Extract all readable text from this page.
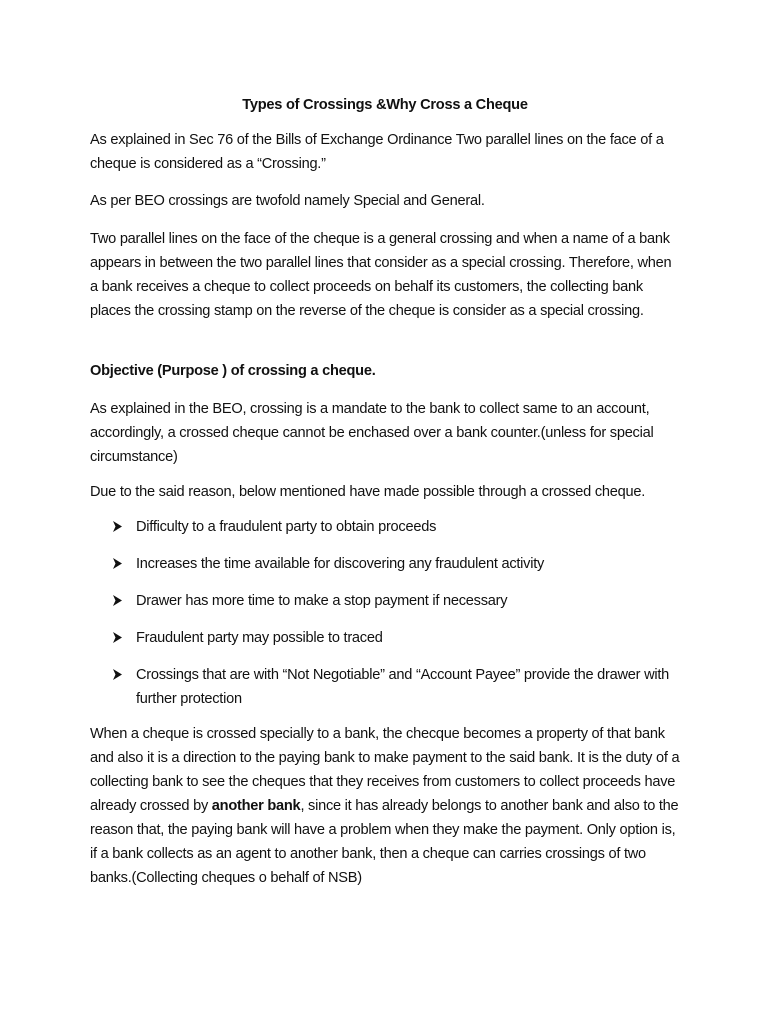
Types of Crossings &Why Cross a Cheque

As explained in Sec 76 of the Bills of Exchange Ordinance Two parallel lines on the face of a cheque is considered as a “Crossing.”

As per BEO crossings are twofold namely Special and General.

Two parallel lines on the face of the cheque is a general crossing and when a name of a bank appears in between the two parallel lines that consider as a special crossing. Therefore, when a bank receives a cheque to collect proceeds on behalf its customers, the collecting bank places the crossing stamp on the reverse of the cheque is consider as a special crossing.

Objective (Purpose ) of crossing a cheque.

As explained in the BEO, crossing is a mandate to the bank to collect same to an account, accordingly, a crossed cheque cannot be enchased over a bank counter.(unless for special circumstance)

Due to the said reason, below mentioned have made possible through a crossed cheque.

Difficulty to a fraudulent party to obtain proceeds
Increases the time available for discovering any fraudulent activity
Drawer has more time to make a stop payment if necessary
Fraudulent party may possible to traced
Crossings that are with “Not Negotiable” and “Account Payee” provide the drawer with further protection

When a cheque is crossed specially to a bank, the checque becomes a property of that bank and also it is a direction to the paying bank to make payment to the said bank. It is the duty of a collecting bank to see the cheques that they receives from customers to collect proceeds have already crossed by another bank, since it has already belongs to another bank and also to the reason that, the paying bank will have a problem when they make the payment. Only option is, if a bank collects as an agent to another bank, then a cheque can carries crossings of two banks.(Collecting cheques o behalf of NSB)
